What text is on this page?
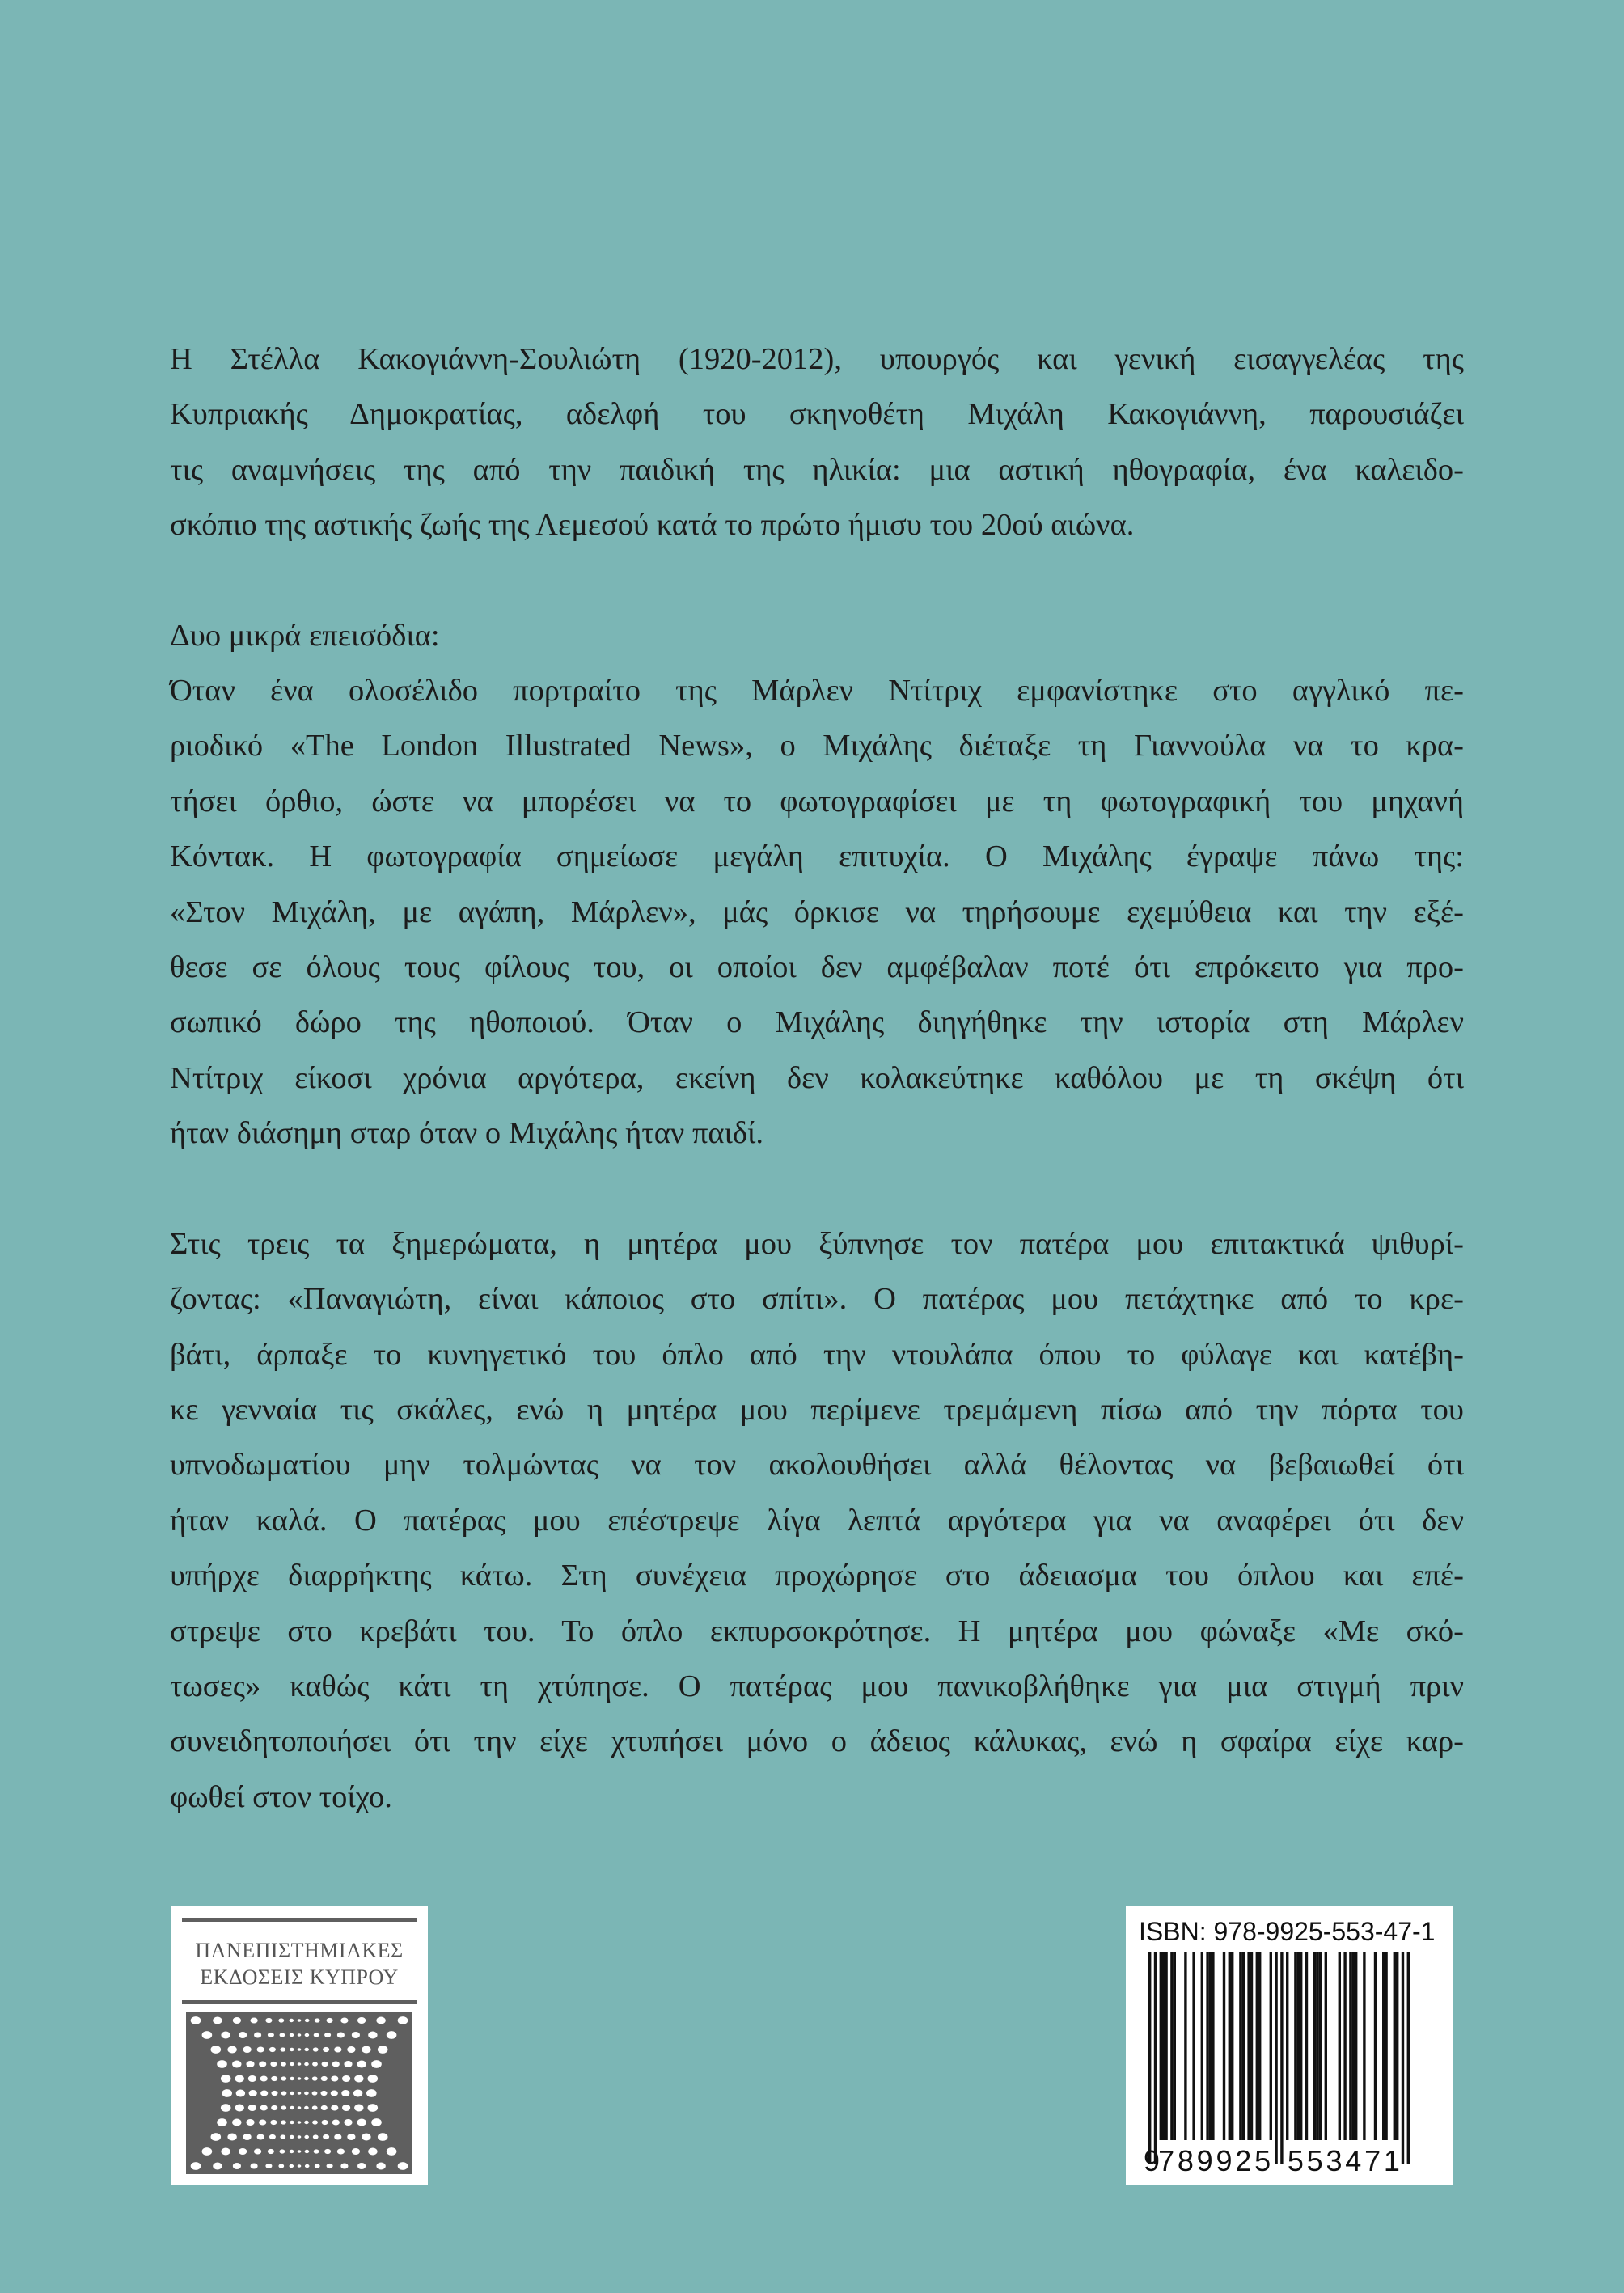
Η Στέλλα Κακογιάννη-Σουλιώτη (1920-2012), υπουργός και γενική εισαγγελέας της
Κυπριακής Δημοκρατίας, αδελφή του σκηνοθέτη Μιχάλη Κακογιάννη, παρουσιάζει
τις αναμνήσεις της από την παιδική της ηλικία: μια αστική ηθογραφία, ένα καλειδο-
σκόπιο της αστικής ζωής της Λεμεσού κατά το πρώτο ήμισυ του 20ού αιώνα.

Δυο μικρά επεισόδια:
Όταν ένα ολοσέλιδο πορτραίτο της Μάρλεν Ντίτριχ εμφανίστηκε στο αγγλικό πε-
ριοδικό «The London Illustrated News», ο Μιχάλης διέταξε τη Γιαννούλα να το κρα-
τήσει όρθιο, ώστε να μπορέσει να το φωτογραφίσει με τη φωτογραφική του μηχανή
Κόντακ. Η φωτογραφία σημείωσε μεγάλη επιτυχία. Ο Μιχάλης έγραψε πάνω της:
«Στον Μιχάλη, με αγάπη, Μάρλεν», μάς όρκισε να τηρήσουμε εχεμύθεια και την εξέ-
θεσε σε όλους τους φίλους του, οι οποίοι δεν αμφέβαλαν ποτέ ότι επρόκειτο για προ-
σωπικό δώρο της ηθοποιού. Όταν ο Μιχάλης διηγήθηκε την ιστορία στη Μάρλεν
Ντίτριχ είκοσι χρόνια αργότερα, εκείνη δεν κολακεύτηκε καθόλου με τη σκέψη ότι
ήταν διάσημη σταρ όταν ο Μιχάλης ήταν παιδί.

Στις τρεις τα ξημερώματα, η μητέρα μου ξύπνησε τον πατέρα μου επιτακτικά ψιθυρί-
ζοντας: «Παναγιώτη, είναι κάποιος στο σπίτι». Ο πατέρας μου πετάχτηκε από το κρε-
βάτι, άρπαξε το κυνηγετικό του όπλο από την ντουλάπα όπου το φύλαγε και κατέβη-
κε γενναία τις σκάλες, ενώ η μητέρα μου περίμενε τρεμάμενη πίσω από την πόρτα του
υπνοδωματίου μην τολμώντας να τον ακολουθήσει αλλά θέλοντας να βεβαιωθεί ότι
ήταν καλά. Ο πατέρας μου επέστρεψε λίγα λεπτά αργότερα για να αναφέρει ότι δεν
υπήρχε διαρρήκτης κάτω. Στη συνέχεια προχώρησε στο άδειασμα του όπλου και επέ-
στρεψε στο κρεβάτι του. Το όπλο εκπυρσοκρότησε. Η μητέρα μου φώναξε «Με σκό-
τωσες» καθώς κάτι τη χτύπησε. Ο πατέρας μου πανικοβλήθηκε για μια στιγμή πριν
συνειδητοποιήσει ότι την είχε χτυπήσει μόνο ο άδειος κάλυκας, ενώ η σφαίρα είχε καρ-
φωθεί στον τοίχο.

ΠΑΝΕΠΙΣΤΗΜΙΑΚΕΣ
ΕΚΔΟΣΕΙΣ ΚΥΠΡΟΥ
ISBN: 978-9925-553-47-1
9
7 8 9 9 2 5 5 5 3 4 7 1
